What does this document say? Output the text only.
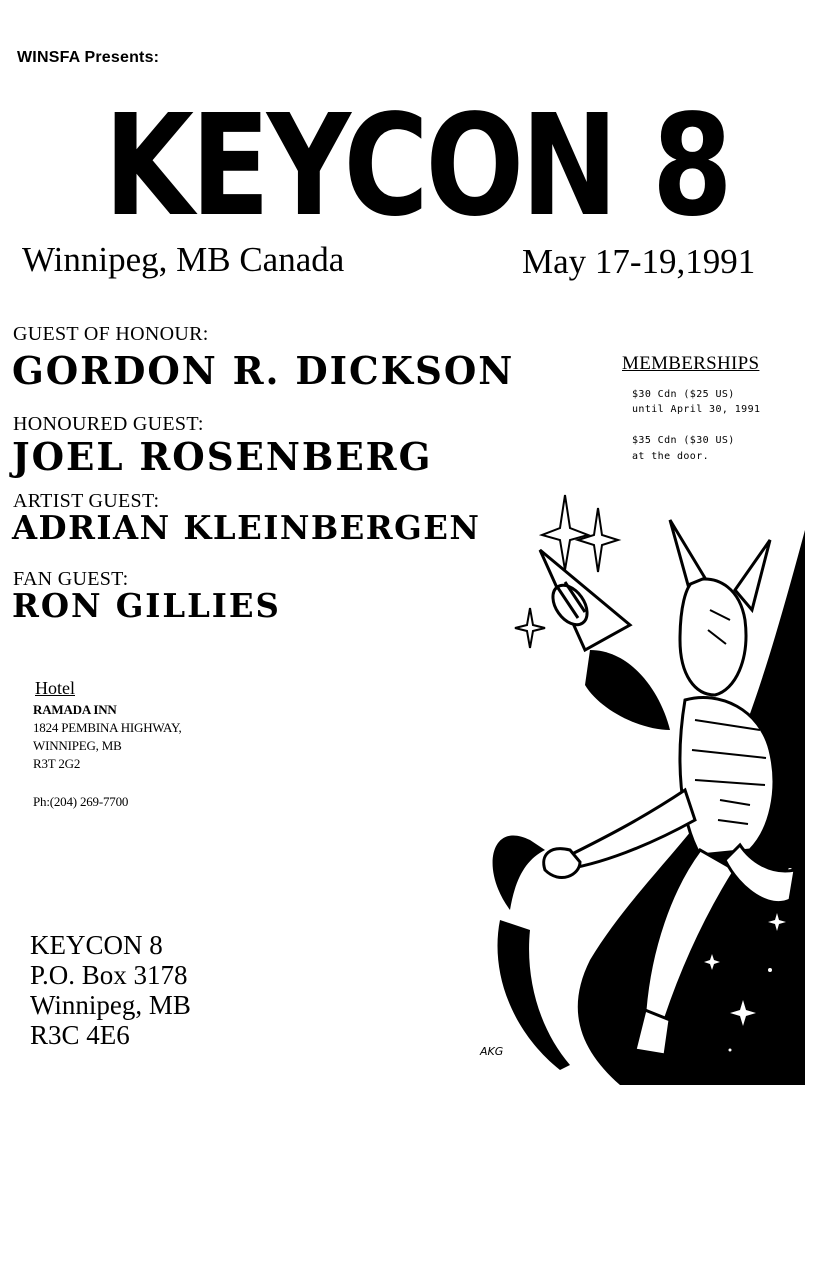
WINSFA Presents:
KEYCON 8
Winnipeg, MB Canada	May 17-19,1991
GUEST OF HONOUR:
GORDON R. DICKSON
HONOURED GUEST:
JOEL ROSENBERG
ARTIST GUEST:
ADRIAN KLEINBERGEN
FAN GUEST:
RON GILLIES
MEMBERSHIPS
$30 Cdn ($25 US)
until April 30, 1991
$35 Cdn ($30 US)
at the door.
Hotel
RAMADA INN
1824 PEMBINA HIGHWAY,
WINNIPEG, MB
R3T 2G2
Ph:(204) 269-7700
KEYCON 8
P.O. Box 3178
Winnipeg, MB
R3C 4E6
AKG
